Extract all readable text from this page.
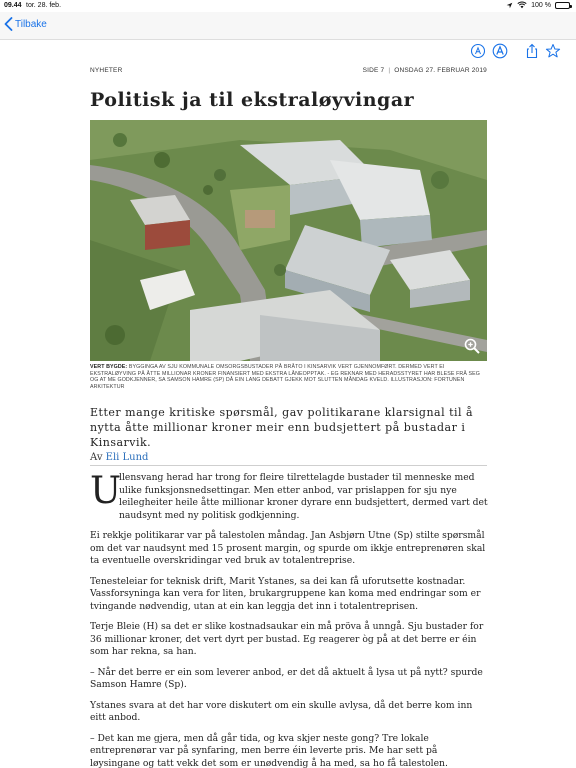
09.44 tor. 28. feb.	100 %
Tilbake
NYHETER	SIDE 7 | ONSDAG 27. FEBRUAR 2019
Politisk ja til ekstraløyvingar
VERT BYGDE: BYGGINGA AV SJU KOMMUNALE OMSORGSBUSTADER PÅ BRÅTO I KINSARVIK VERT GJENNOMFØRT. DERMED VERT EI EKSTRALØYVING PÅ ÅTTE MILLIONAR KRONER FINANSIERT MED EKSTRA LÅNEOPPTAK. - EG REKNAR MED HERADSSTYRET HAR BLESE FRÅ SEG OG AT ME GODKJENNER, SA SAMSON HAMRE (SP) DÅ EIN LANG DEBATT GJEKK MOT SLUTTEN MÅNDAG KVELD. ILLUSTRASJON: FORTUNEN ARKITEKTUR

Etter mange kritiske spørsmål, gav politikarane klarsignal til å nytta åtte millionar kroner meir enn budsjettert på bustadar i Kinsarvik.

Av Eli Lund

U
llensvang herad har trong for fleire tilrettelagde bustader til menneske med ulike funksjonsnedsettingar. Men etter anbod, var prislappen for sju nye leilegheiter heile åtte millionar kroner dyrare enn budsjettert, dermed vart det naudsynt med ny politisk godkjenning.

Ei rekkje politikarar var på talestolen måndag. Jan Asbjørn Utne (Sp) stilte spørsmål om det var naudsynt med 15 prosent margin, og spurde om ikkje entreprenøren skal ta eventuelle overskridingar ved bruk av totalentreprise.

Tenesteleiar for teknisk drift, Marit Ystanes, sa dei kan få uforutsette kostnadar. Vassforsyninga kan vera for liten, brukargruppene kan koma med endringar som er tvingande nødvendig, utan at ein kan leggja det inn i totalentreprisen.

Terje Bleie (H) sa det er slike kostnadsaukar ein må pröva å unngå. Sju bustader for 36 millionar kroner, det vert dyrt per bustad. Eg reagerer òg på at det berre er éin som har rekna, sa han.

– Når det berre er ein som leverer anbod, er det då aktuelt å lysa ut på nytt? spurde Samson Hamre (Sp).

Ystanes svara at det har vore diskutert om ein skulle avlysa, då det berre kom inn eitt anbod.

– Det kan me gjera, men då går tida, og kva skjer neste gong? Tre lokale entreprenørar var på synfaring, men berre éin leverte pris. Me har sett på løysingane og tatt vekk det som er unødvendig å ha med, sa ho få talestolen.
